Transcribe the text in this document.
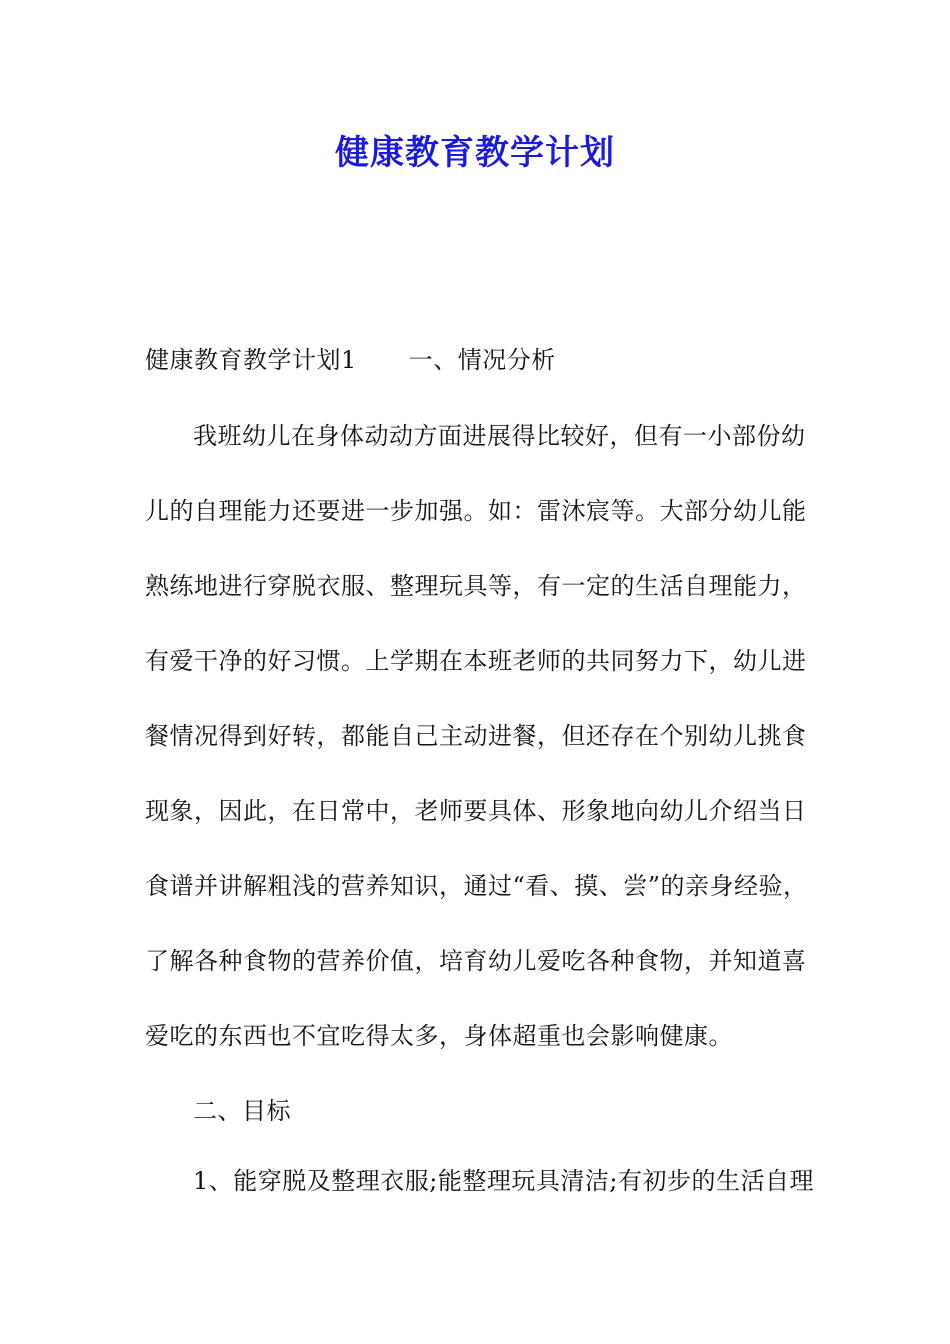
健康教育教学计划
健康教育教学计划1 一、情况分析
我班幼儿在身体动动方面进展得比较好，但有一小部份幼
儿的自理能力还要进一步加强。如：雷沐宸等。大部分幼儿能
熟练地进行穿脱衣服、整理玩具等，有一定的生活自理能力，
有爱干净的好习惯。上学期在本班老师的共同努力下，幼儿进
餐情况得到好转，都能自己主动进餐，但还存在个别幼儿挑食
现象，因此，在日常中，老师要具体、形象地向幼儿介绍当日
食谱并讲解粗浅的营养知识，通过“看、摸、尝”的亲身经验，
了解各种食物的营养价值，培育幼儿爱吃各种食物，并知道喜
爱吃的东西也不宜吃得太多，身体超重也会影响健康。
二、目标
1、能穿脱及整理衣服;能整理玩具清洁;有初步的生活自理
